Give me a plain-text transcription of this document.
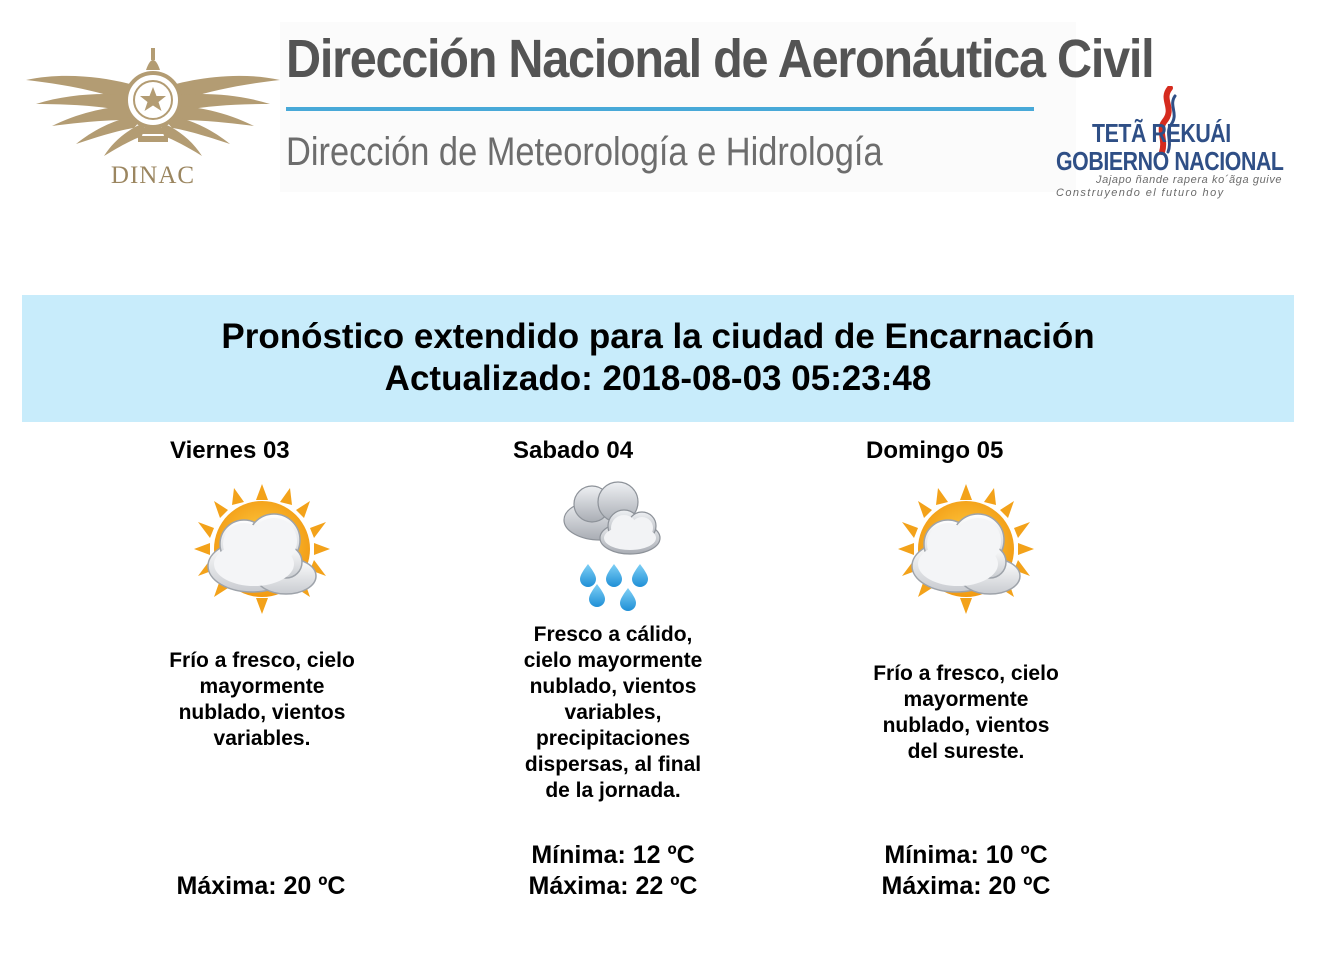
DINAC
Dirección Nacional de Aeronáutica Civil
Dirección de Meteorología e Hidrología	TETÃ REKUÁI
GOBIERNO NACIONAL
Jajapo ñande rapera ko´ãga guive
Construyendo el futuro hoy
Pronóstico extendido para la ciudad de Encarnación
Actualizado: 2018-08-03 05:23:48
Viernes 03
Frío a fresco, cielo mayormente nublado, vientos variables.
Máxima: 20 ºC
Sabado 04
Fresco a cálido, cielo mayormente nublado, vientos variables, precipitaciones dispersas, al final de la jornada.
Mínima: 12 ºC
Máxima: 22 ºC
Domingo 05
Frío a fresco, cielo mayormente nublado, vientos del sureste.
Mínima: 10 ºC
Máxima: 20 ºC
